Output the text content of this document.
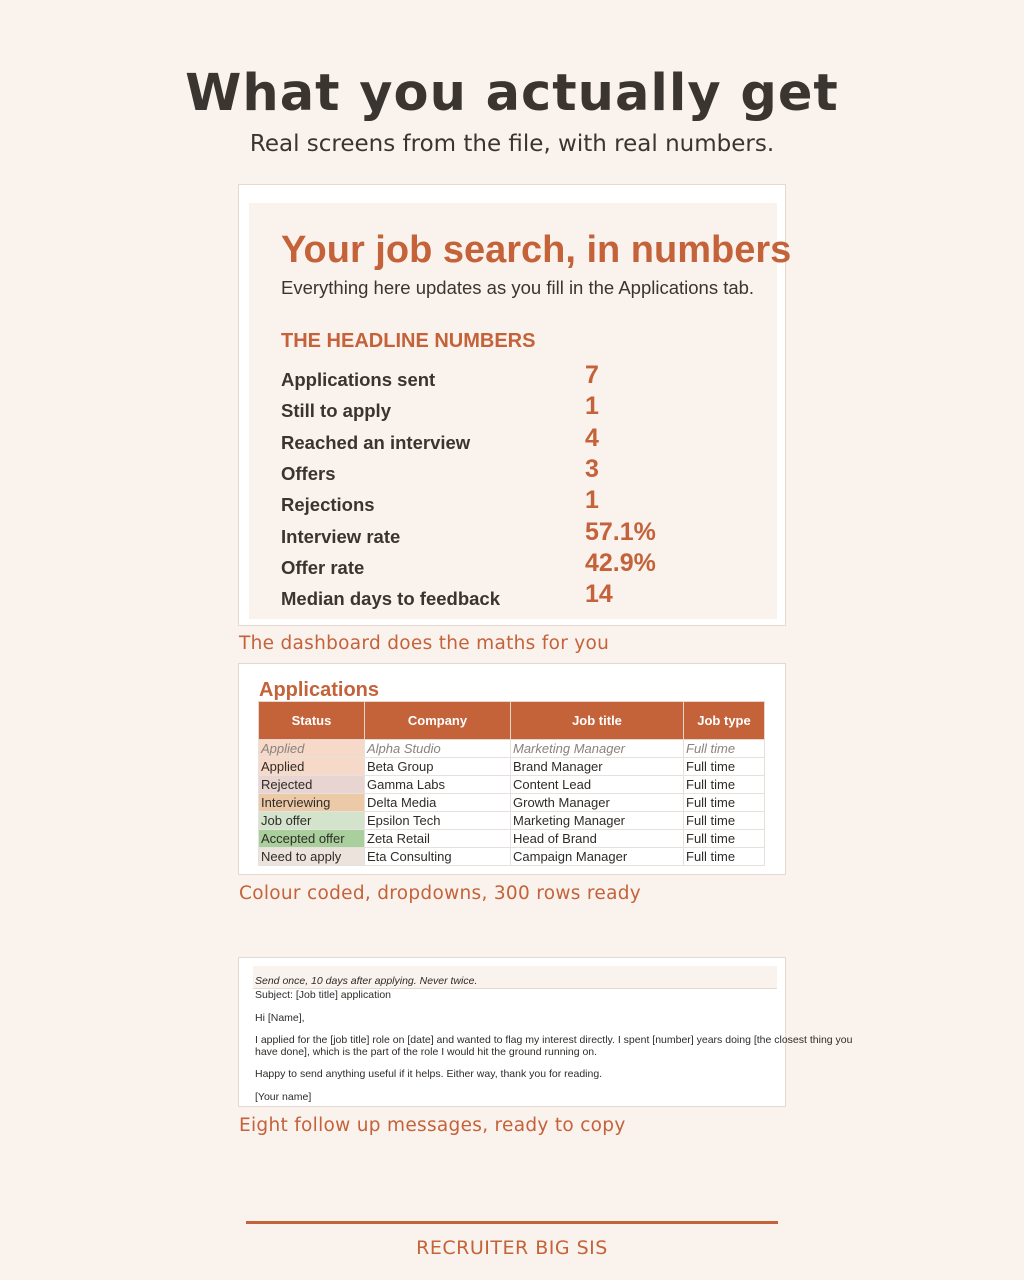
What you actually get

Real screens from the file, with real numbers.

Your job search, in numbers
Everything here updates as you fill in the Applications tab.
THE HEADLINE NUMBERS
Applications sent	7
Still to apply	1
Reached an interview	4
Offers	3
Rejections	1
Interview rate	57.1%
Offer rate	42.9%
Median days to feedback	14
The dashboard does the maths for you
Applications
Status	Company	Job title	Job type
Applied	Alpha Studio	Marketing Manager	Full time
Applied	Beta Group	Brand Manager	Full time
Rejected	Gamma Labs	Content Lead	Full time
Interviewing	Delta Media	Growth Manager	Full time
Job offer	Epsilon Tech	Marketing Manager	Full time
Accepted offer	Zeta Retail	Head of Brand	Full time
Need to apply	Eta Consulting	Campaign Manager	Full time
Colour coded, dropdowns, 300 rows ready
Send once, 10 days after applying. Never twice.

Subject: [Job title] application

Hi [Name],

I applied for the [job title] role on [date] and wanted to flag my interest directly. I spent [number] years doing [the closest thing you have done], which is the part of the role I would hit the ground running on.

Happy to send anything useful if it helps. Either way, thank you for reading.

[Your name]

Eight follow up messages, ready to copy
RECRUITER BIG SIS
